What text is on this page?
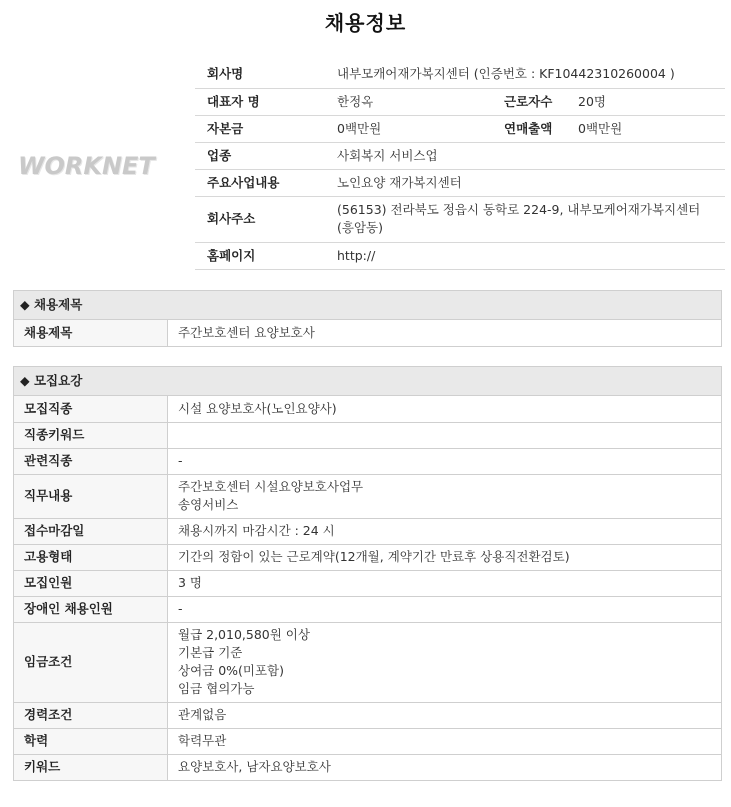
채용정보
WORKNET
회사명	내부모캐어재가복지센터 (인증번호 : KF10442310260004 )		
대표자 명	한정옥	근로자수	20명
자본금	0백만원	연매출액	0백만원
업종	사회복지 서비스업		
주요사업내용	노인요양 재가복지센터		
회사주소	(56153) 전라북도 정읍시 동학로 224-9, 내부모케어재가복지센터 (흥암동)		
홈페이지	http://		
◆ 채용제목
채용제목	주간보호센터 요양보호사
◆ 모집요강
모집직종	시설 요양보호사(노인요양사)

직종키워드	

관련직종	-

직무내용	주간보호센터 시설요양보호사업무
송영서비스

접수마감일	채용시까지 마감시간 : 24 시

고용형태	기간의 정함이 있는 근로계약(12개월, 계약기간 만료후 상용직전환검토)

모집인원	3 명

장애인 채용인원	-

임금조건	월급 2,010,580원 이상
기본급 기준
상여금 0%(미포함)
임금 협의가능

경력조건	관계없음

학력	학력무관

키워드	요양보호사, 남자요양보호사
